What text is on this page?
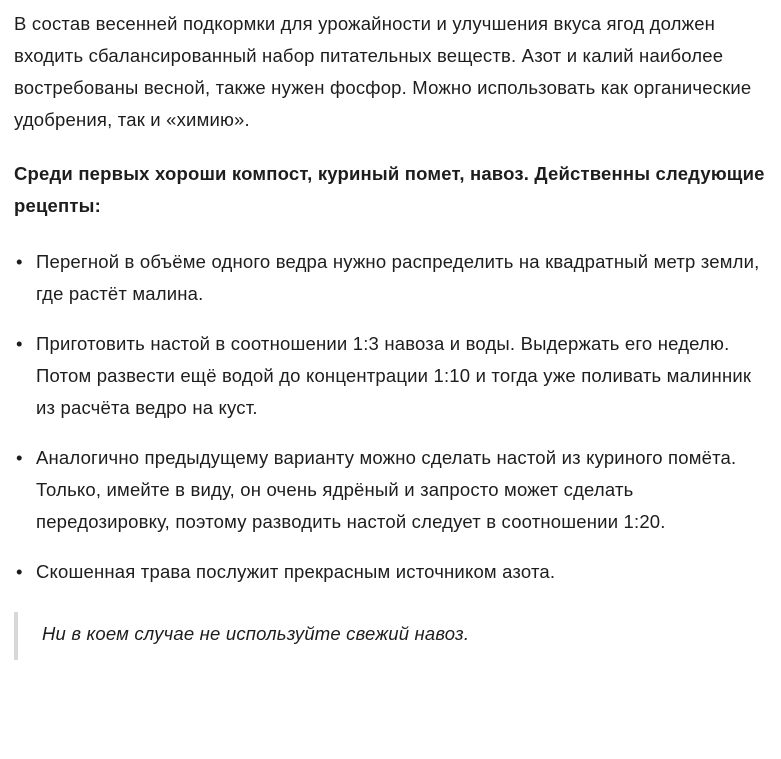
В состав весенней подкормки для урожайности и улучшения вкуса ягод должен входить сбалансированный набор питательных веществ. Азот и калий наиболее востребованы весной, также нужен фосфор. Можно использовать как органические удобрения, так и «химию».

Среди первых хороши компост, куриный помет, навоз. Действенны следующие рецепты:

• Перегной в объёме одного ведра нужно распределить на квадратный метр земли, где растёт малина.
• Приготовить настой в соотношении 1:3 навоза и воды. Выдержать его неделю. Потом развести ещё водой до концентрации 1:10 и тогда уже поливать малинник из расчёта ведро на куст.
• Аналогично предыдущему варианту можно сделать настой из куриного помёта. Только, имейте в виду, он очень ядрёный и запросто может сделать передозировку, поэтому разводить настой следует в соотношении 1:20.
• Скошенная трава послужит прекрасным источником азота.

Ни в коем случае не используйте свежий навоз.
